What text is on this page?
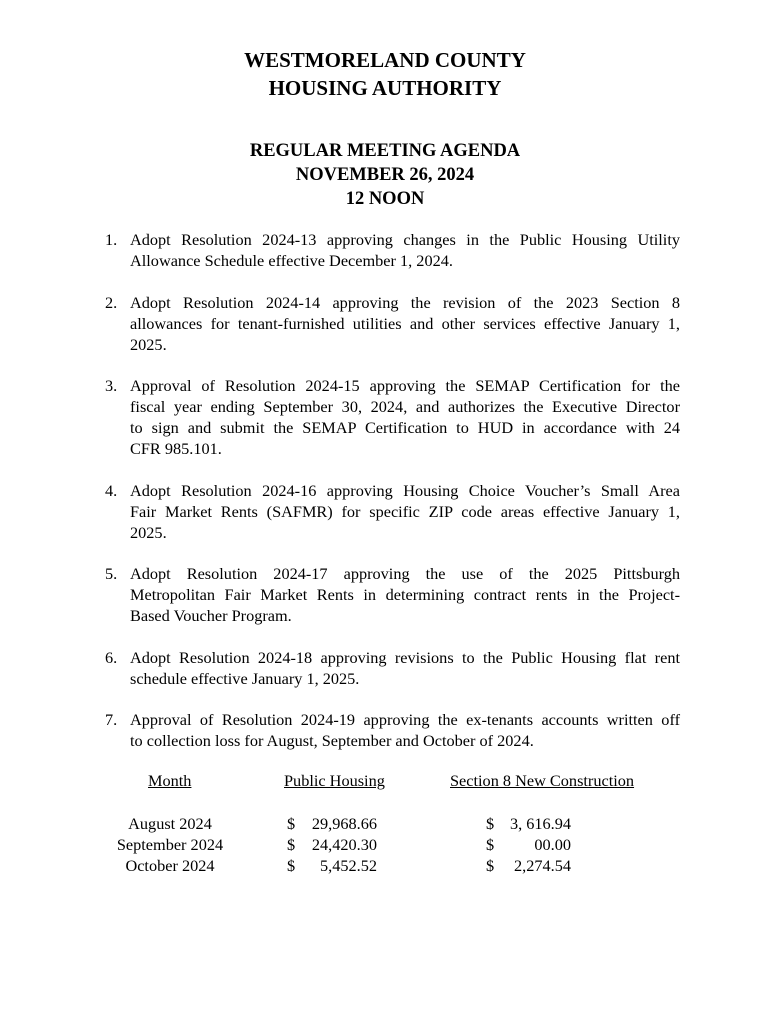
WESTMORELAND COUNTY
HOUSING AUTHORITY
REGULAR MEETING AGENDA
NOVEMBER 26, 2024
12 NOON
1. Adopt Resolution 2024-13 approving changes in the Public Housing Utility
Allowance Schedule effective December 1, 2024.
2. Adopt Resolution 2024-14 approving the revision of the 2023 Section 8
allowances for tenant-furnished utilities and other services effective January 1,
2025.
3. Approval of Resolution 2024-15 approving the SEMAP Certification for the
fiscal year ending September 30, 2024, and authorizes the Executive Director
to sign and submit the SEMAP Certification to HUD in accordance with 24
CFR 985.101.
4. Adopt Resolution 2024-16 approving Housing Choice Voucher’s Small Area
Fair Market Rents (SAFMR) for specific ZIP code areas effective January 1,
2025.
5. Adopt Resolution 2024-17 approving the use of the 2025 Pittsburgh
Metropolitan Fair Market Rents in determining contract rents in the Project-
Based Voucher Program.
6. Adopt Resolution 2024-18 approving revisions to the Public Housing flat rent
schedule effective January 1, 2025.
7. Approval of Resolution 2024-19 approving the ex-tenants accounts written off
to collection loss for August, September and October of 2024.
Month	Public Housing	Section 8 New Construction
August 2024	$	29,968.66	$ 3, 616.94
September 2024	$	24,420.30	$	00.00
October 2024	$	5,452.52	$	2,274.54
